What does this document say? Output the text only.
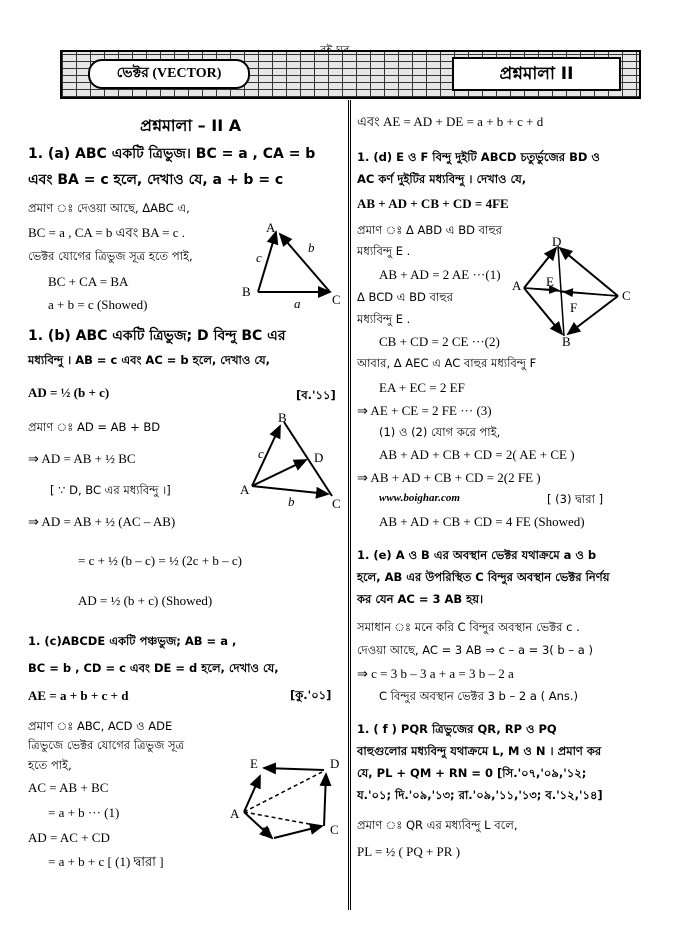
ভেক্টর (VECTOR)	প্রশ্নমালা II
প্রশ্নমালা – II A
1. (a) ABC একটি ত্রিভুজ। BC = a , CA = b
এবং BA = c হলে, দেখাও যে, a + b = c
প্রমাণ ঃ দেওয়া আছে, ΔABC এ,
BC = a , CA = b এবং BA = c .
ভেক্টর যোগের ত্রিভুজ সূত্র হতে পাই,
BC + CA = BA
a + b = c (Showed)
1. (b) ABC একটি ত্রিভুজ; D বিন্দু BC এর
মধ্যবিন্দু । AB = c এবং AC = b হলে, দেখাও যে,
AD = ½ (b + c)	[ব.'১১]
প্রমাণ ঃ AD = AB + BD
⇒ AD = AB + ½ BC
[ ∵ D, BC এর মধ্যবিন্দু ।]
⇒ AD = AB + ½ (AC – AB)
= c + ½ (b – c) = ½ (2c + b – c)
AD = ½ (b + c) (Showed)
1. (c)ABCDE একটি পঞ্চভুজ; AB = a ,
BC = b , CD = c এবং DE = d হলে, দেখাও যে,
AE = a + b + c + d	[কু.'০১]
প্রমাণ ঃ ABC, ACD ও ADE
ত্রিভুজে ভেক্টর যোগের ত্রিভুজ সূত্র
হতে পাই,
AC = AB + BC
= a + b ··· (1)
AD = AC + CD
= a + b + c [ (1) দ্বারা ]
A
B
C
a
b
c
B
A
C
D
c
b
A
B	C
D
E
এবং AE = AD + DE = a + b + c + d
1. (d) E ও F বিন্দু দুইটি ABCD চতুর্ভুজের BD ও
AC কর্ণ দুইটির মধ্যবিন্দু । দেখাও যে,
AB + AD + CB + CD = 4FE
প্রমাণ ঃ Δ ABD এ BD বাহুর
মধ্যবিন্দু E .
AB + AD = 2 AE ···(1)
Δ BCD এ BD বাহুর
মধ্যবিন্দু E .
CB + CD = 2 CE ···(2)
আবার, Δ AEC এ AC বাহুর মধ্যবিন্দু F
EA + EC = 2 EF
⇒ AE + CE = 2 FE ··· (3)
(1) ও (2) যোগ করে পাই,
AB + AD + CB + CD = 2( AE + CE )
⇒ AB + AD + CB + CD = 2(2 FE )
www.boighar.com	[ (3) দ্বারা ]
AB + AD + CB + CD = 4 FE (Showed)
1. (e) A ও B এর অবস্থান ভেক্টর যথাক্রমে a ও b
হলে, AB এর উপরিস্থিত C বিন্দুর অবস্থান ভেক্টর নির্ণয়
কর যেন AC = 3 AB হয়।
সমাধান ঃ মনে করি C বিন্দুর অবস্থান ভেক্টর c .
দেওয়া আছে, AC = 3 AB ⇒ c – a = 3( b – a )
⇒ c = 3 b – 3 a + a = 3 b – 2 a
C বিন্দুর অবস্থান ভেক্টর 3 b – 2 a ( Ans.)
1. ( f ) PQR ত্রিভুজের QR, RP ও PQ
বাহুগুলোর মধ্যবিন্দু যথাক্রমে L, M ও N । প্রমাণ কর
যে, PL + QM + RN = 0 [সি.'০৭,'০৯,'১২;
য.'০১; দি.'০৯,'১৩; রা.'০৯,'১১,'১৩; ব.'১২,'১৪]
প্রমাণ ঃ QR এর মধ্যবিন্দু L বলে,
PL = ½ ( PQ + PR )
A
B
C
D
E
F
